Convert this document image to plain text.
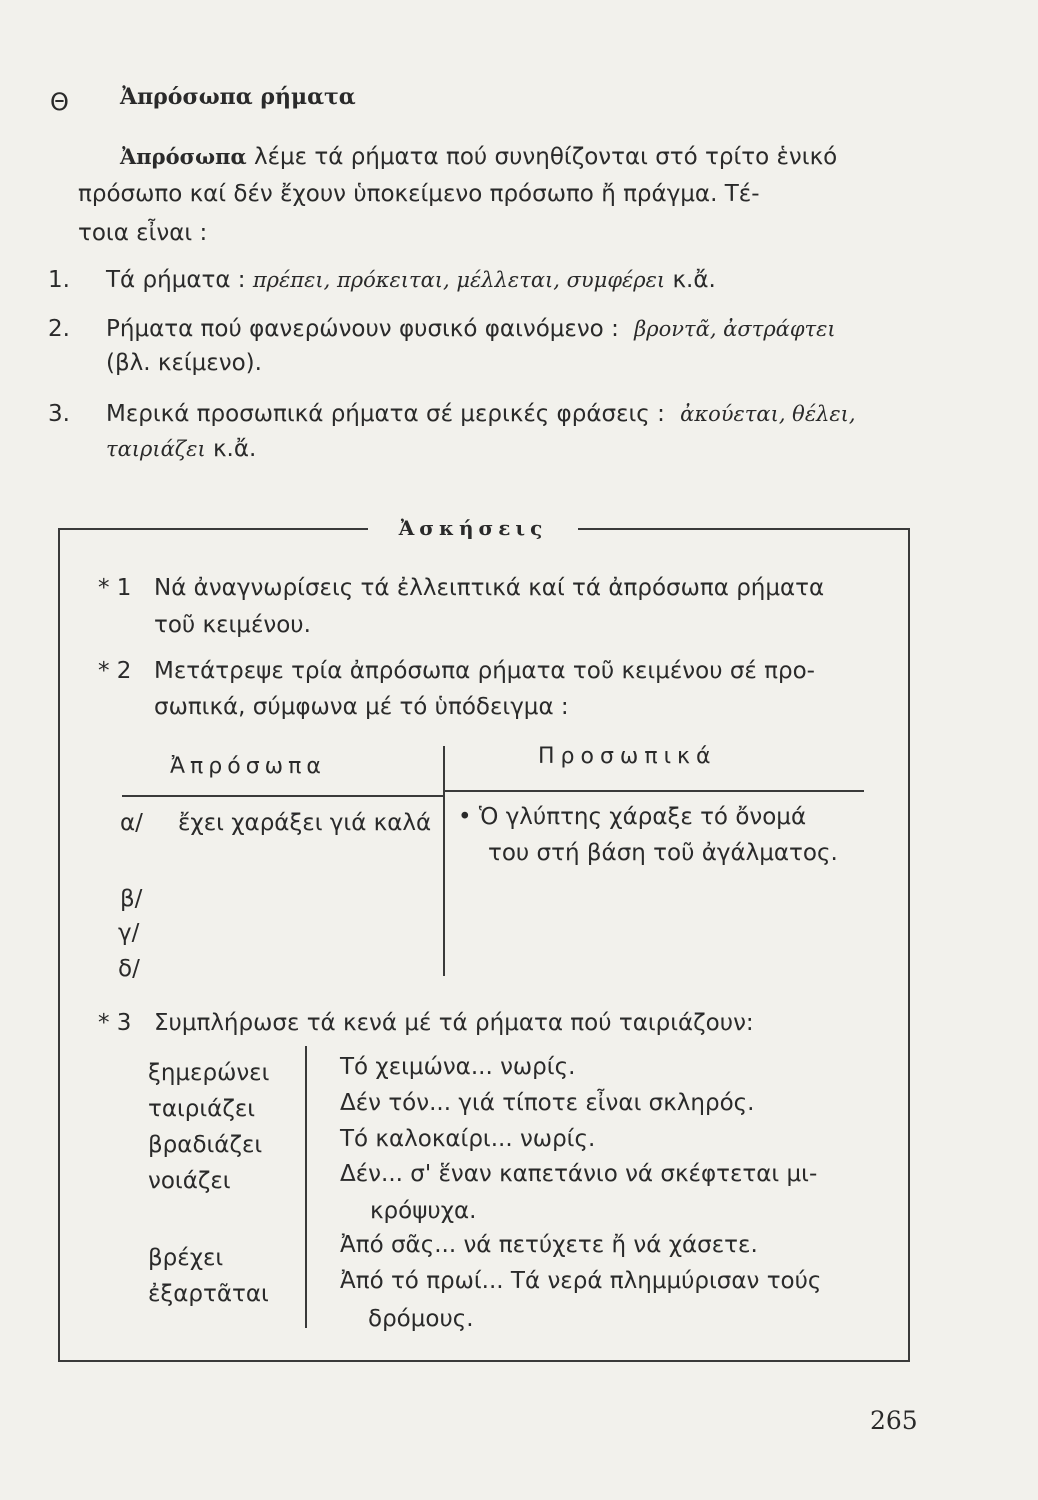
Θ Ἀπρόσωπα ρήματα
Ἀπρόσωπα λέμε τά ρήματα πού συνηθίζονται στό τρίτο ἑνικό
πρόσωπο καί δέν ἔχουν ὑποκείμενο πρόσωπο ἤ πράγμα. Τέ-
τοια εἶναι :
1. Τά ρήματα : πρέπει, πρόκειται, μέλλεται, συμφέρει κ.ἄ.
2. Ρήματα πού φανερώνουν φυσικό φαινόμενο : βροντᾶ, ἀστράφτει
(βλ. κείμενο).
3. Μερικά προσωπικά ρήματα σέ μερικές φράσεις : ἀκούεται, θέλει,
ταιριάζει κ.ἄ.
Ἀσκήσεις
* 1 Νά ἀναγνωρίσεις τά ἐλλειπτικά καί τά ἀπρόσωπα ρήματα
τοῦ κειμένου.
* 2 Μετάτρεψε τρία ἀπρόσωπα ρήματα τοῦ κειμένου σέ προ-
σωπικά, σύμφωνα μέ τό ὑπόδειγμα :
Ἀπρόσωπα	Προσωπικά
α/ ἔχει χαράξει γιά καλά • Ὁ γλύπτης χάραξε τό ὄνομά
του στή βάση τοῦ ἀγάλματος.
β/
γ/
δ/
* 3 Συμπλήρωσε τά κενά μέ τά ρήματα πού ταιριάζουν:
ξημερώνει
ταιριάζει
βραδιάζει
νοιάζει
βρέχει
ἐξαρτᾶται
Τό χειμώνα... νωρίς.
Δέν τόν... γιά τίποτε εἶναι σκληρός.
Τό καλοκαίρι... νωρίς.
Δέν... σ' ἕναν καπετάνιο νά σκέφτεται μι-
κρόψυχα.
Ἀπό σᾶς... νά πετύχετε ἤ νά χάσετε.
Ἀπό τό πρωί... Τά νερά πλημμύρισαν τούς
δρόμους.
265
